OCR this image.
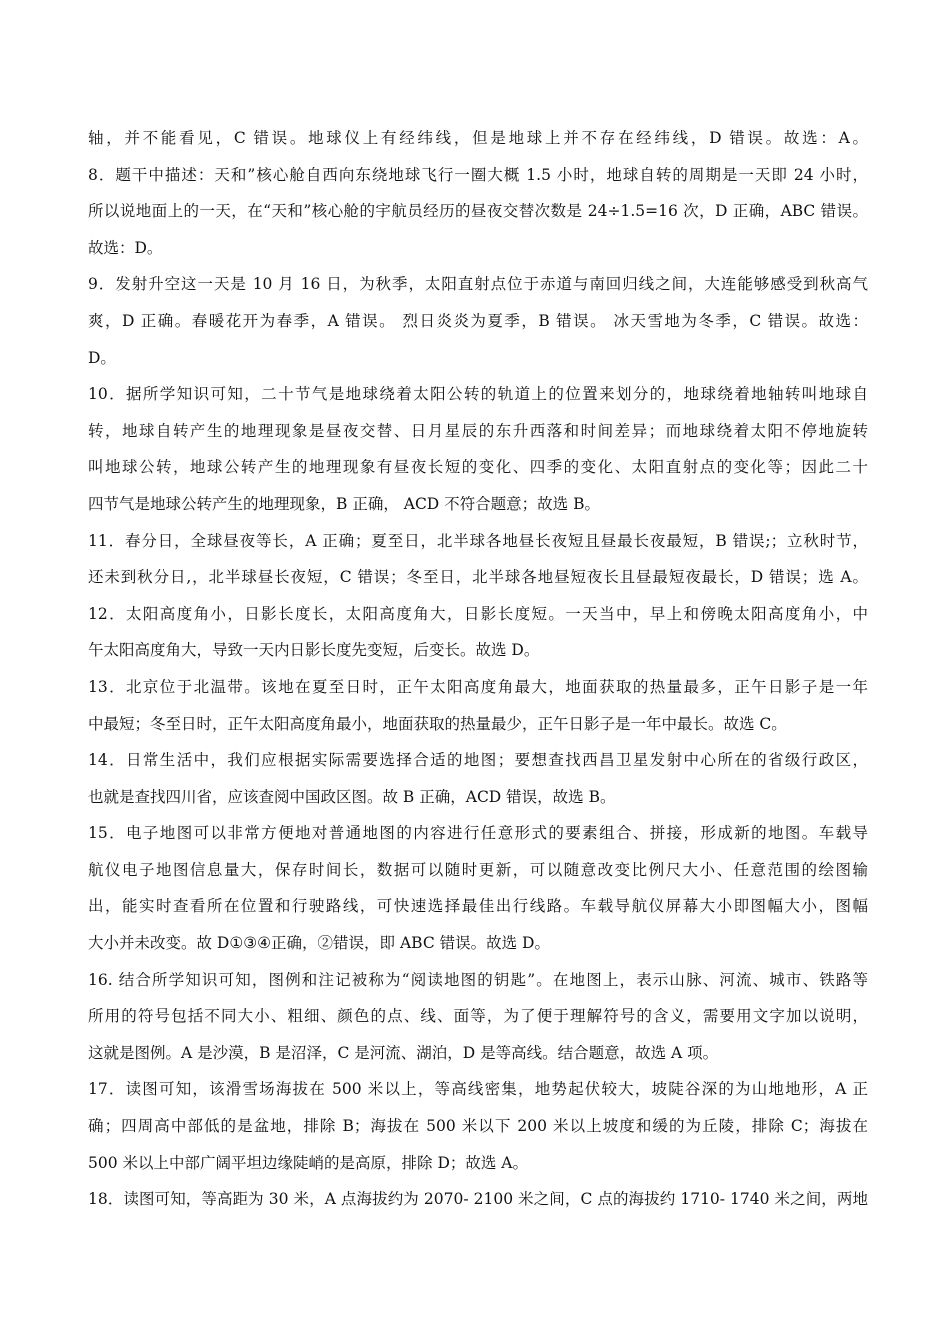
轴，并不能看见，C 错误。地球仪上有经纬线，但是地球上并不存在经纬线，D 错误。故选：A。
8．题干中描述：天和”核心舱自西向东绕地球飞行一圈大概 1.5 小时，地球自转的周期是一天即 24 小时，
所以说地面上的一天，在“天和”核心舱的宇航员经历的昼夜交替次数是 24÷1.5=16 次，D 正确，ABC 错误。
故选：D。
9．发射升空这一天是 10 月 16 日，为秋季，太阳直射点位于赤道与南回归线之间，大连能够感受到秋高气
爽，D 正确。春暖花开为春季，A 错误。 烈日炎炎为夏季，B 错误。 冰天雪地为冬季，C 错误。故选：
D。
10．据所学知识可知，二十节气是地球绕着太阳公转的轨道上的位置来划分的，地球绕着地轴转叫地球自
转，地球自转产生的地理现象是昼夜交替、日月星辰的东升西落和时间差异；而地球绕着太阳不停地旋转
叫地球公转，地球公转产生的地理现象有昼夜长短的变化、四季的变化、太阳直射点的变化等；因此二十
四节气是地球公转产生的地理现象，B 正确， ACD 不符合题意；故选 B。
11．春分日，全球昼夜等长，A 正确；夏至日，北半球各地昼长夜短且昼最长夜最短，B 错误;；立秋时节，
还未到秋分日,，北半球昼长夜短，C 错误；冬至日，北半球各地昼短夜长且昼最短夜最长，D 错误；选 A。
12．太阳高度角小，日影长度长，太阳高度角大，日影长度短。一天当中，早上和傍晚太阳高度角小，中
午太阳高度角大，导致一天内日影长度先变短，后变长。故选 D。
13．北京位于北温带。该地在夏至日时，正午太阳高度角最大，地面获取的热量最多，正午日影子是一年
中最短；冬至日时，正午太阳高度角最小，地面获取的热量最少，正午日影子是一年中最长。故选 C。
14．日常生活中，我们应根据实际需要选择合适的地图；要想查找西昌卫星发射中心所在的省级行政区，
也就是查找四川省，应该查阅中国政区图。故 B 正确，ACD 错误，故选 B。
15．电子地图可以非常方便地对普通地图的内容进行任意形式的要素组合、拼接，形成新的地图。车载导
航仪电子地图信息量大，保存时间长，数据可以随时更新，可以随意改变比例尺大小、任意范围的绘图输
出，能实时查看所在位置和行驶路线，可快速选择最佳出行线路。车载导航仪屏幕大小即图幅大小，图幅
大小并未改变。故 D①③④正确，②错误，即 ABC 错误。故选 D。
16. 结合所学知识可知，图例和注记被称为“阅读地图的钥匙”。在地图上，表示山脉、河流、城市、铁路等
所用的符号包括不同大小、粗细、颜色的点、线、面等，为了便于理解符号的含义，需要用文字加以说明，
这就是图例。A 是沙漠，B 是沼泽，C 是河流、湖泊，D 是等高线。结合题意，故选 A 项。
17．读图可知，该滑雪场海拔在 500 米以上，等高线密集，地势起伏较大，坡陡谷深的为山地地形，A 正
确；四周高中部低的是盆地，排除 B；海拔在 500 米以下 200 米以上坡度和缓的为丘陵，排除 C；海拔在
500 米以上中部广阔平坦边缘陡峭的是高原，排除 D；故选 A。
18．读图可知，等高距为 30 米，A 点海拔约为 2070- 2100 米之间，C 点的海拔约 1710- 1740 米之间，两地
